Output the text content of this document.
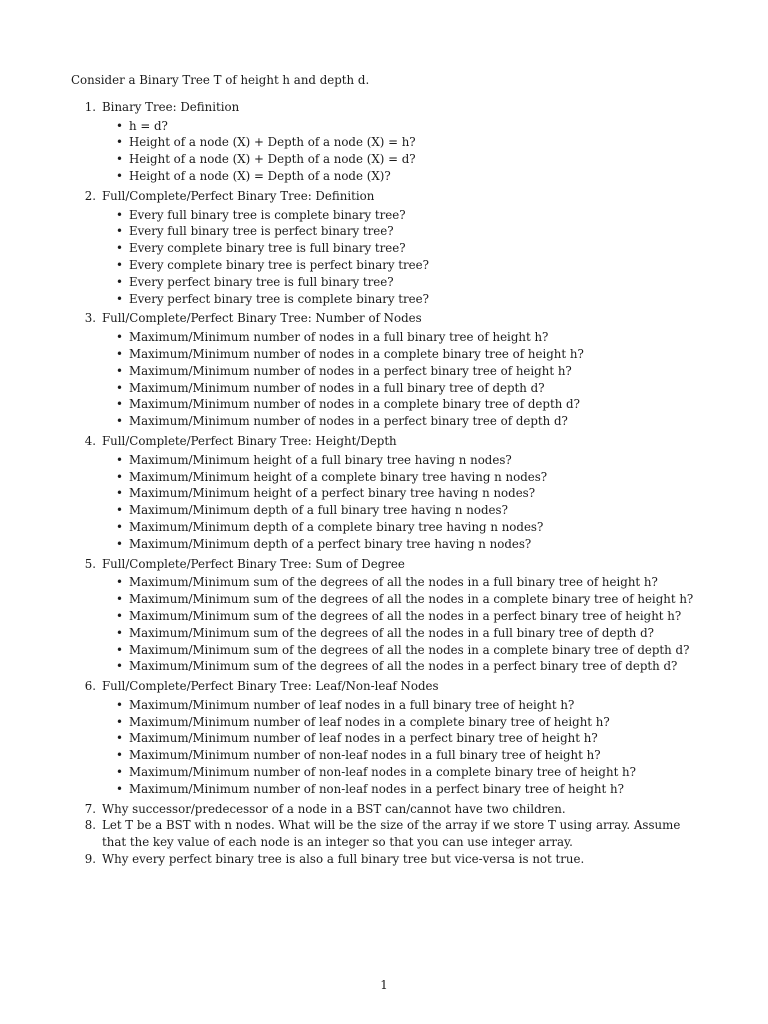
Consider a Binary Tree T of height h and depth d.

1. Binary Tree: Definition
• h = d?
• Height of a node (X) + Depth of a node (X) = h?
• Height of a node (X) + Depth of a node (X) = d?
• Height of a node (X) = Depth of a node (X)?
2. Full/Complete/Perfect Binary Tree: Definition
• Every full binary tree is complete binary tree?
• Every full binary tree is perfect binary tree?
• Every complete binary tree is full binary tree?
• Every complete binary tree is perfect binary tree?
• Every perfect binary tree is full binary tree?
• Every perfect binary tree is complete binary tree?
3. Full/Complete/Perfect Binary Tree: Number of Nodes
• Maximum/Minimum number of nodes in a full binary tree of height h?
• Maximum/Minimum number of nodes in a complete binary tree of height h?
• Maximum/Minimum number of nodes in a perfect binary tree of height h?
• Maximum/Minimum number of nodes in a full binary tree of depth d?
• Maximum/Minimum number of nodes in a complete binary tree of depth d?
• Maximum/Minimum number of nodes in a perfect binary tree of depth d?
4. Full/Complete/Perfect Binary Tree: Height/Depth
• Maximum/Minimum height of a full binary tree having n nodes?
• Maximum/Minimum height of a complete binary tree having n nodes?
• Maximum/Minimum height of a perfect binary tree having n nodes?
• Maximum/Minimum depth of a full binary tree having n nodes?
• Maximum/Minimum depth of a complete binary tree having n nodes?
• Maximum/Minimum depth of a perfect binary tree having n nodes?
5. Full/Complete/Perfect Binary Tree: Sum of Degree
• Maximum/Minimum sum of the degrees of all the nodes in a full binary tree of height h?
• Maximum/Minimum sum of the degrees of all the nodes in a complete binary tree of height h?
• Maximum/Minimum sum of the degrees of all the nodes in a perfect binary tree of height h?
• Maximum/Minimum sum of the degrees of all the nodes in a full binary tree of depth d?
• Maximum/Minimum sum of the degrees of all the nodes in a complete binary tree of depth d?
• Maximum/Minimum sum of the degrees of all the nodes in a perfect binary tree of depth d?
6. Full/Complete/Perfect Binary Tree: Leaf/Non-leaf Nodes
• Maximum/Minimum number of leaf nodes in a full binary tree of height h?
• Maximum/Minimum number of leaf nodes in a complete binary tree of height h?
• Maximum/Minimum number of leaf nodes in a perfect binary tree of height h?
• Maximum/Minimum number of non-leaf nodes in a full binary tree of height h?
• Maximum/Minimum number of non-leaf nodes in a complete binary tree of height h?
• Maximum/Minimum number of non-leaf nodes in a perfect binary tree of height h?
7. Why successor/predecessor of a node in a BST can/cannot have two children.
8. Let T be a BST with n nodes. What will be the size of the array if we store T using array. Assume that the key value of each node is an integer so that you can use integer array.
9. Why every perfect binary tree is also a full binary tree but vice-versa is not true.
1
